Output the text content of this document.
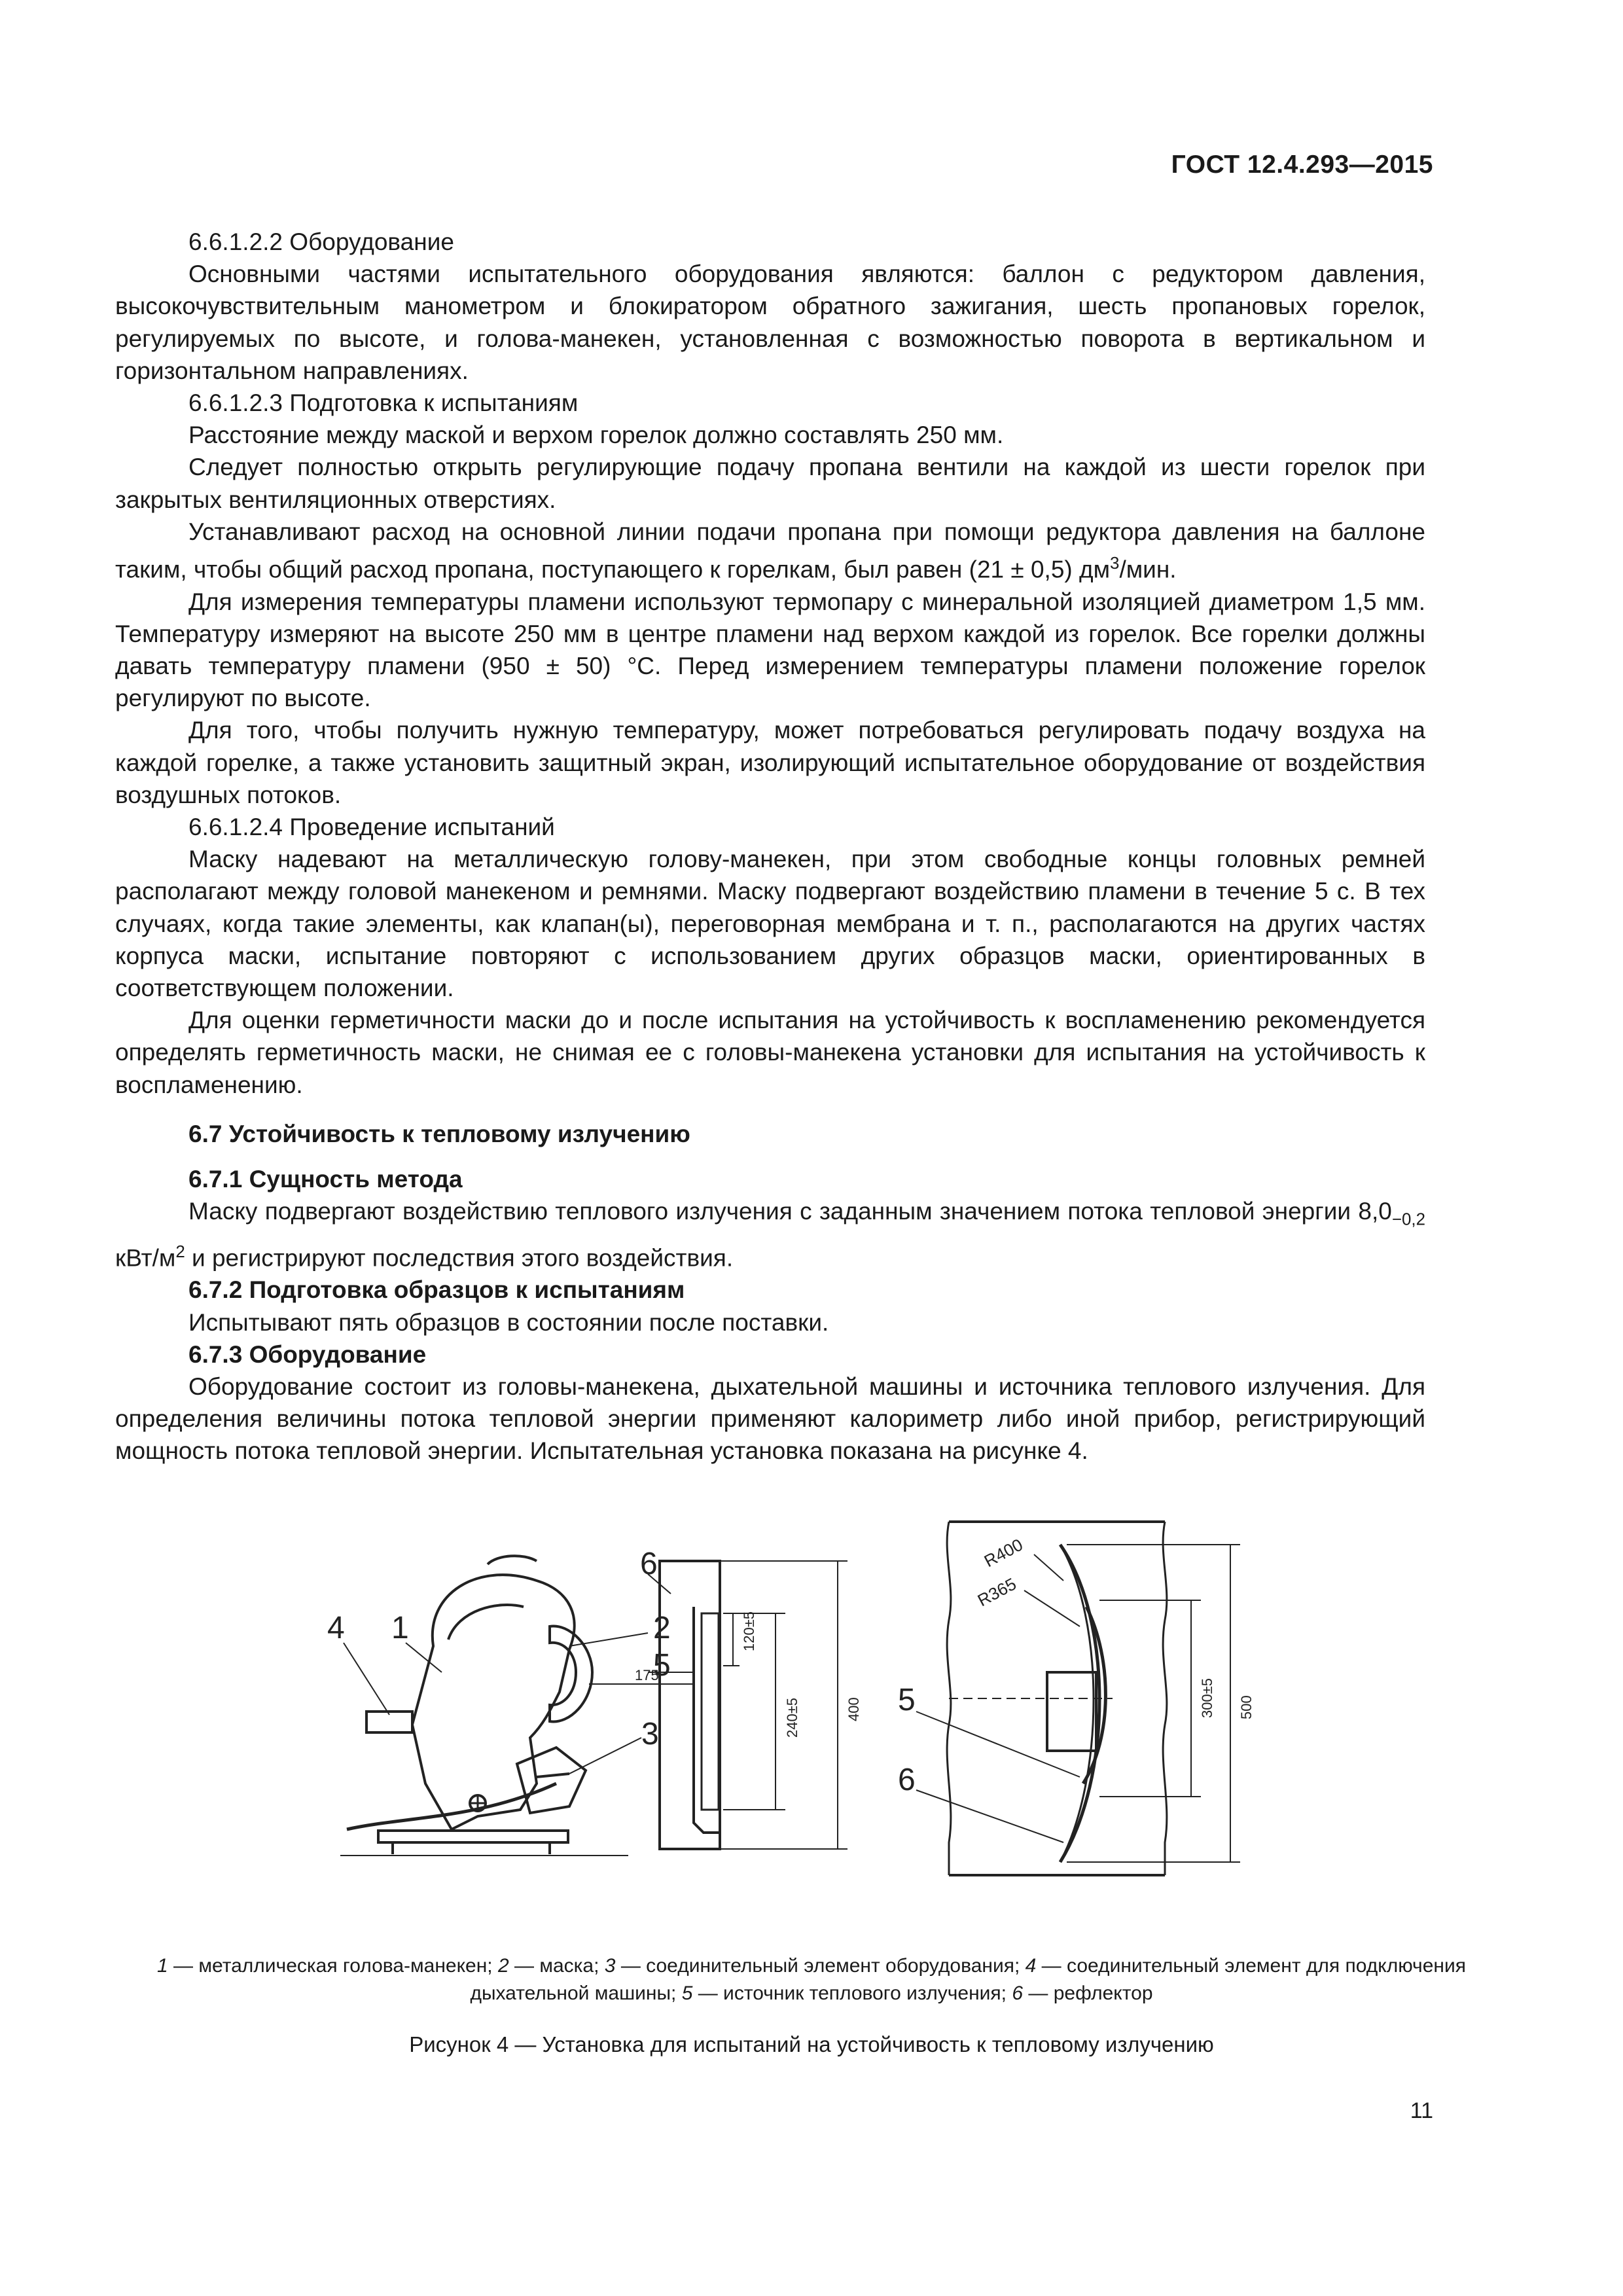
ГОСТ 12.4.293—2015

6.6.1.2.2 Оборудование

Основными частями испытательного оборудования являются: баллон с редуктором давления, высокочувствительным манометром и блокиратором обратного зажигания, шесть пропановых горелок, регулируемых по высоте, и голова-манекен, установленная с возможностью поворота в вертикальном и горизонтальном направлениях.

6.6.1.2.3 Подготовка к испытаниям

Расстояние между маской и верхом горелок должно составлять 250 мм.

Следует полностью открыть регулирующие подачу пропана вентили на каждой из шести горелок при закрытых вентиляционных отверстиях.

Устанавливают расход на основной линии подачи пропана при помощи редуктора давления на баллоне таким, чтобы общий расход пропана, поступающего к горелкам, был равен (21 ± 0,5) $дм^3$/мин.

Для измерения температуры пламени используют термопару с минеральной изоляцией диаметром 1,5 мм. Температуру измеряют на высоте 250 мм в центре пламени над верхом каждой из горелок. Все горелки должны давать температуру пламени (950 ± 50) °С. Перед измерением температуры пламени положение горелок регулируют по высоте.

Для того, чтобы получить нужную температуру, может потребоваться регулировать подачу воздуха на каждой горелке, а также установить защитный экран, изолирующий испытательное оборудование от воздействия воздушных потоков.

6.6.1.2.4 Проведение испытаний

Маску надевают на металлическую голову-манекен, при этом свободные концы головных ремней располагают между головой манекеном и ремнями. Маску подвергают воздействию пламени в течение 5 с. В тех случаях, когда такие элементы, как клапан(ы), переговорная мембрана и т. п., располагаются на других частях корпуса маски, испытание повторяют с использованием других образцов маски, ориентированных в соответствующем положении.

Для оценки герметичности маски до и после испытания на устойчивость к воспламенению рекомендуется определять герметичность маски, не снимая ее с головы-манекена установки для испытания на устойчивость к воспламенению.

6.7 Устойчивость к тепловому излучению
6.7.1 Сущность метода

Маску подвергают воздействию теплового излучения с заданным значением потока тепловой энергии $8,0_{-0,2}$ кВт/$м^2$ и регистрируют последствия этого воздействия.

6.7.2 Подготовка образцов к испытаниям

Испытывают пять образцов в состоянии после поставки.

6.7.3 Оборудование

Оборудование состоит из головы-манекена, дыхательной машины и источника теплового излучения. Для определения величины потока тепловой энергии применяют калориметр либо иной прибор, регистрирующий мощность потока тепловой энергии. Испытательная установка показана на рисунке 4.

4 1	2
5
3
6
175
120±5
240±5	400
R400
R365
5
6
300±5 500
1 — металлическая голова-манекен; 2 — маска; 3 — соединительный элемент оборудования; 4 — соединительный элемент для подключения дыхательной машины; 5 — источник теплового излучения; 6 — рефлектор
Рисунок 4 — Установка для испытаний на устойчивость к тепловому излучению
11
